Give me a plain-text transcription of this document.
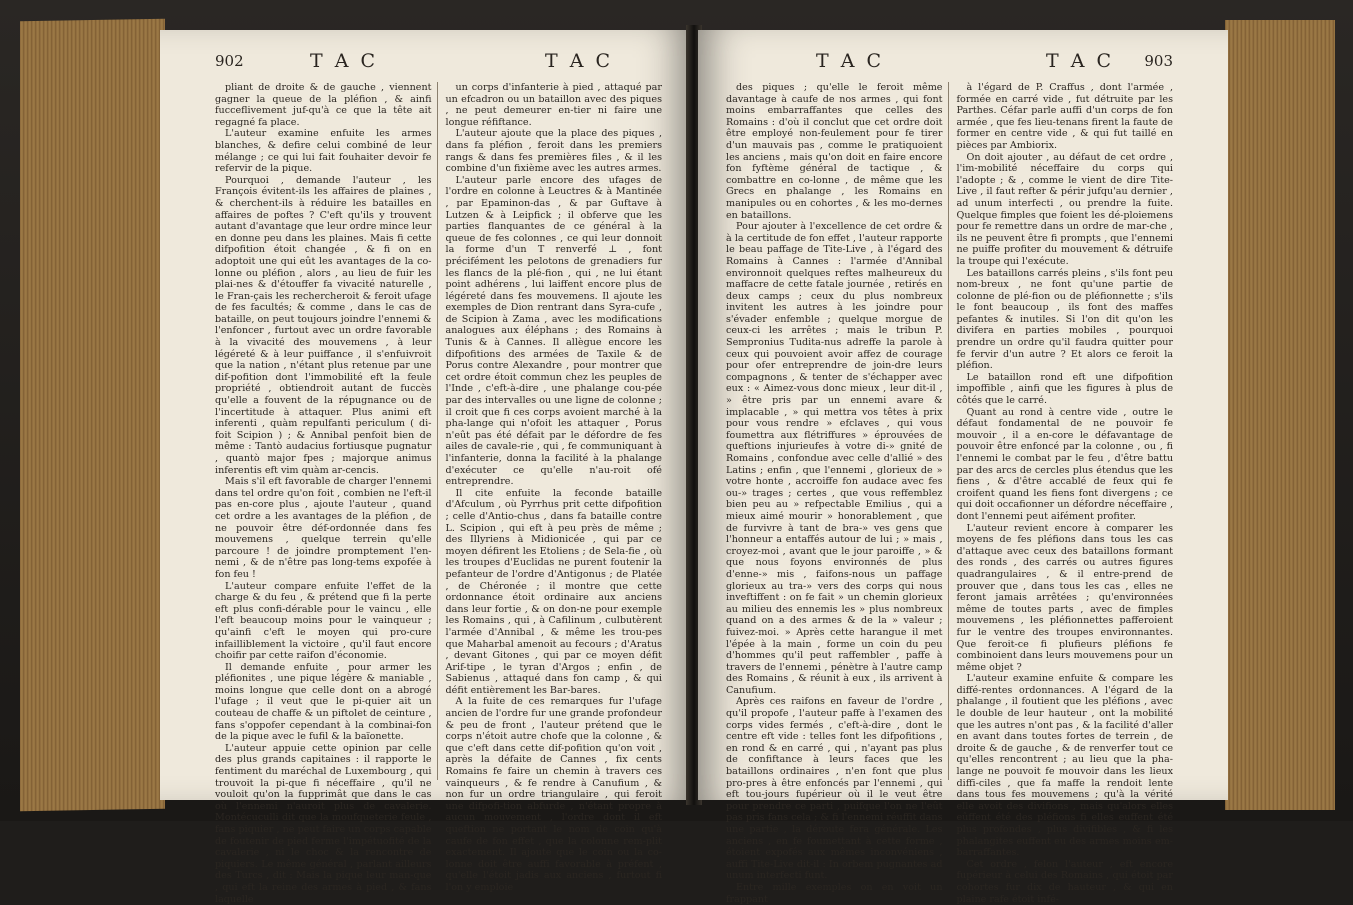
902	T A C	T A C

pliant de droite & de gauche , viennent gagner la queue de la pléfion , & ainfi fucceflivement juf-qu'à ce que la tête ait regagné fa place.

L'auteur examine enfuite les armes blanches, & defire celui combiné de leur mélange ; ce qui lui fait fouhaiter devoir fe refervir de la pique.

Pourquoi , demande l'auteur , les François évitent-ils les affaires de plaines , & cherchent-ils à réduire les batailles en affaires de poftes ? C'eft qu'ils y trouvent autant d'avantage que leur ordre mince leur en donne peu dans les plaines. Mais fi cette difpofition étoit changée , & fi on en adoptoit une qui eût les avantages de la co-lonne ou pléfion , alors , au lieu de fuir les plai-nes & d'étouffer fa vivacité naturelle , le Fran-çais les rechercheroit & feroit ufage de fes facultés; & comme , dans le cas de bataille, on peut toujours joindre l'ennemi & l'enfoncer , furtout avec un ordre favorable à la vivacité des mouvemens , à leur légéreté & à leur puiffance , il s'enfuivroit que la nation , n'étant plus retenue par une dif-pofition dont l'immobilité eft la feule propriété , obtiendroit autant de fuccès qu'elle a fouvent de la répugnance ou de l'incertitude à attaquer. Plus animi eft inferenti , quàm repulfanti periculum ( di-foit Scipion ) ; & Annibal penfoit bien de même : Tantò audacius fortiusque pugnatur , quantò major fpes ; majorque animus inferentis eft vim quàm ar-cencis.

Mais s'il eft favorable de charger l'ennemi dans tel ordre qu'on foit , combien ne l'eft-il pas en-core plus , ajoute l'auteur , quand cet ordre a les avantages de la pléfion , de ne pouvoir être déf-ordonnée dans fes mouvemens , quelque terrein qu'elle parcoure ! de joindre promptement l'en-nemi , & de n'être pas long-tems expofée à fon feu !

L'auteur compare enfuite l'effet de la charge & du feu , & prétend que fi la perte eft plus confi-dérable pour le vaincu , elle l'eft beaucoup moins pour le vainqueur ; qu'ainfi c'eft le moyen qui pro-cure infailliblement la victoire , qu'il faut encore choifir par cette raifon d'économie.

Il demande enfuite , pour armer les pléfionites , une pique légère & maniable , moins longue que celle dont on a abrogé l'ufage ; il veut que le pi-quier ait un couteau de chaffe & un piftolet de ceinture , fans s'oppofer cependant à la combinai-fon de la pique avec le fufil & la baïonette.

L'auteur appuie cette opinion par celle des plus grands capitaines : il rapporte le fentiment du maréchal de Luxembourg , qui trouvoit la pi-que fi néceffaire , qu'il ne vouloit qu'on la fupprimât que dans le cas où l'ennemi n'auroit plus de cavalerie. Montécuculli dit que la moufqueterie feule , fans piquier , ne peut faire un corps capable de foutenir de pied ferme l'impétuofité de la cavalerie , ni le choc & la rencontre de piquiers. Le même général , parlant ailleurs des Turcs , dit : Mais la pique leur man-que , qui eft la reine des armes à pied , & fans laquelle

un corps d'infanterie à pied , attaqué par un efcadron ou un bataillon avec des piques , ne peut demeurer en-tier ni faire une longue réfiftance.

L'auteur ajoute que la place des piques , dans fa pléfion , feroit dans les premiers rangs & dans fes premières files , & il les combine d'un fixième avec les autres armes.

L'auteur parle encore des ufages de l'ordre en colonne à Leuctres & à Mantinée , par Epaminon-das , & par Guftave à Lutzen & à Leipfick ; il obferve que les parties flanquantes de ce général à la queue de fes colonnes , ce qui leur donnoit la forme d'un T renverfé ⊥ , font précifément les pelotons de grenadiers fur les flancs de la plé-fion , qui , ne lui étant point adhérens , lui laiffent encore plus de légéreté dans fes mouvemens. Il ajoute les exemples de Dion rentrant dans Syra-cufe , de Scipion à Zama , avec les modifications analogues aux éléphans ; des Romains à Tunis & à Cannes. Il allègue encore les difpofitions des armées de Taxile & de Porus contre Alexandre , pour montrer que cet ordre étoit commun chez les peuples de l'Inde , c'eft-à-dire , une phalange cou-pée par des intervalles ou une ligne de colonne ; il croit que fi ces corps avoient marché à la pha-lange qui n'ofoit les attaquer , Porus n'eût pas été défait par le défordre de fes ailes de cavale-rie , qui , fe communiquant à l'infanterie, donna la facilité à la phalange d'exécuter ce qu'elle n'au-roit ofé entreprendre.

Il cite enfuite la feconde bataille d'Afculum , où Pyrrhus prit cette difpofition ; celle d'Antio-chus , dans fa bataille contre L. Scipion , qui eft à peu près de même ; des Illyriens à Midionicée , qui par ce moyen défirent les Etoliens ; de Sela-fie , où les troupes d'Euclidas ne purent foutenir la pefanteur de l'ordre d'Antigonus ; de Platée , de Chéronée ; il montre que cette ordonnance étoit ordinaire aux anciens dans leur fortie , & on don-ne pour exemple les Romains , qui , à Cafilinum , culbutèrent l'armée d'Annibal , & même les trou-pes que Maharbal amenoit au fecours ; d'Aratus , devant Gitones , qui par ce moyen défit Arif-tipe , le tyran d'Argos ; enfin , de Sabienus , attaqué dans fon camp , & qui défit entièrement les Bar-bares.

A la fuite de ces remarques fur l'ufage ancien de l'ordre fur une grande profondeur & peu de front , l'auteur prétend que le corps n'étoit autre chofe que la colonne , & que c'eft dans cette dif-pofition qu'on voit , après la défaite de Cannes , fix cents Romains fe faire un chemin à travers ces vainqueurs , & fe rendre à Canufium , & non fur un ordre triangulaire , qui feroit une difpofi-tion abfurde , n'étant propre à aucun mouvement , l'ordre dont il eft queftion ne portant le nom de coin qu'à caufe de fon effet , que la colonne rem-plit exactement. Il ajoute que le coin ou la co-lonne doit être auffi favorable à préfent , qu'elle l'étoit jadis aux anciens , furtout fi l'on y emploie

T A C	T A C 903

des piques ; qu'elle le feroit même davantage à caufe de nos armes , qui font moins embarraffantes que celles des Romains : d'où il conclut que cet ordre doit être employé non-feulement pour fe tirer d'un mauvais pas , comme le pratiquoient les anciens , mais qu'on doit en faire encore fon fyftème général de tactique , & combattre en co-lonne , de même que les Grecs en phalange , les Romains en manipules ou en cohortes , & les mo-dernes en bataillons.

Pour ajouter à l'excellence de cet ordre & à la certitude de fon effet , l'auteur rapporte le beau paffage de Tite-Live , à l'égard des Romains à Cannes : l'armée d'Annibal environnoit quelques reftes malheureux du maffacre de cette fatale journée , retirés en deux camps ; ceux du plus nombreux invitent les autres à les joindre pour s'évader enfemble ; quelque morgue de ceux-ci les arrêtes ; mais le tribun P. Sempronius Tudita-nus adreffe la parole à ceux qui pouvoient avoir affez de courage pour ofer entreprendre de join-dre leurs compagnons , & tenter de s'échapper avec eux : « Aimez-vous donc mieux , leur dit-il , » être pris par un ennemi avare & implacable , » qui mettra vos têtes à prix pour vous rendre » efclaves , qui vous foumettra aux flétriffures » éprouvées de queftions injurieufes à votre di-» gnité de Romains , confondue avec celle d'allié » des Latins ; enfin , que l'ennemi , glorieux de » votre honte , accroiffe fon audace avec fes ou-» trages ; certes , que vous reffemblez bien peu au » refpectable Emilius , qui a mieux aimé mourir » honorablement , que de furvivre à tant de bra-» ves gens que l'honneur a entaffés autour de lui ; » mais , croyez-moi , avant que le jour paroiffe , » & que nous foyons environnés de plus d'enne-» mis , faifons-nous un paffage glorieux au tra-» vers des corps qui nous inveftiffent : on fe fait » un chemin glorieux au milieu des ennemis les » plus nombreux quand on a des armes & de la » valeur ; fuivez-moi. » Après cette harangue il met l'épée à la main , forme un coin du peu d'hommes qu'il peut raffembler , paffe à travers de l'ennemi , pénètre à l'autre camp des Romains , & réunit à eux , ils arrivent à Canufium.

Après ces raifons en faveur de l'ordre , qu'il propofe , l'auteur paffe à l'examen des corps vides fermés , c'eft-à-dire , dont le centre eft vide : telles font les difpofitions , en rond & en carré , qui , n'ayant pas plus de confiftance à leurs faces que les bataillons ordinaires , n'en font que plus pro-pres à être enfoncés par l'ennemi , qui eft tou-jours fupérieur où il le veut être pour prendre ce parti , puifque l'on ne l'eût pas pris fans cela ; & fi l'ennemi réuffit dans une partie , la déroute fera générale. Les anciens , en fe foumettant à cette forme , étoient expofés aux mêmes inconvéniens , auffi Tite-Live dit-il : In orbem pugnantes ad unum interfecti funt.

Entre mille exemples on en voit un frappant

à l'égard de P. Craffus , dont l'armée , formée en carré vide , fut détruite par les Parthes. Céfar parle auffi d'un corps de fon armée , que fes lieu-tenans firent la faute de former en centre vide , & qui fut taillé en pièces par Ambiorix.

On doit ajouter , au défaut de cet ordre , l'im-mobilité néceffaire du corps qui l'adopte ; & , comme le vient de dire Tite-Live , il faut refter & périr jufqu'au dernier , ad unum interfecti , ou prendre la fuite. Quelque fimples que foient les dé-ploiemens pour fe remettre dans un ordre de mar-che , ils ne peuvent être fi prompts , que l'ennemi ne puiffe profiter du mouvement & détruife la troupe qui l'exécute.

Les bataillons carrés pleins , s'ils font peu nom-breux , ne font qu'une partie de colonne de plé-fion ou de pléfionnette ; s'ils le font beaucoup , ils font des maffes pefantes & inutiles. Si l'on dit qu'on les divifera en parties mobiles , pourquoi prendre un ordre qu'il faudra quitter pour fe fervir d'un autre ? Et alors ce feroit la pléfion.

Le bataillon rond eft une difpofition impoffible , ainfi que les figures à plus de côtés que le carré.

Quant au rond à centre vide , outre le défaut fondamental de ne pouvoir fe mouvoir , il a en-core le défavantage de pouvoir être enfoncé par la colonne , ou , fi l'ennemi le combat par le feu , d'être battu par des arcs de cercles plus étendus que les fiens , & d'être accablé de feux qui fe croifent quand les fiens font divergens ; ce qui doit occafionner un défordre néceffaire , dont l'ennemi peut aifément profiter.

L'auteur revient encore à comparer les moyens de fes pléfions dans tous les cas d'attaque avec ceux des bataillons formant des ronds , des carrés ou autres figures quadrangulaires , & il entre-prend de prouver que , dans tous les cas , elles ne feront jamais arrêtées ; qu'environnées même de toutes parts , avec de fimples mouvemens , les pléfionnettes pafferoient fur le ventre des troupes environnantes. Que feroit-ce fi plufieurs pléfions fe combinoient dans leurs mouvemens pour un même objet ?

L'auteur examine enfuite & compare les diffé-rentes ordonnances. A l'égard de la phalange , il foutient que les pléfions , avec le double de leur hauteur , ont la mobilité que les autres n'ont pas , & la facilité d'aller en avant dans toutes fortes de terrein , de droite & de gauche , & de renverfer tout ce qu'elles rencontrent ; au lieu que la pha-lange ne pouvoit fe mouvoir dans les lieux diffi-ciles , que fa maffe la rendoit lente dans tous fes mouvemens ; qu'à la vérité elle avoit des divifions , mais qu'alors elles eûffent été des pléfions fi elles euffent été plus profondes , plus divifibles , & fi les phalangites euffent eu des armes moins em-barraffantes.

Cet ordre , felon l'auteur , eft encore fupérieur à celui des Romains , qui étoit par cohortes fur dix de hauteur , & qui en plaine rafe étoit infé-
